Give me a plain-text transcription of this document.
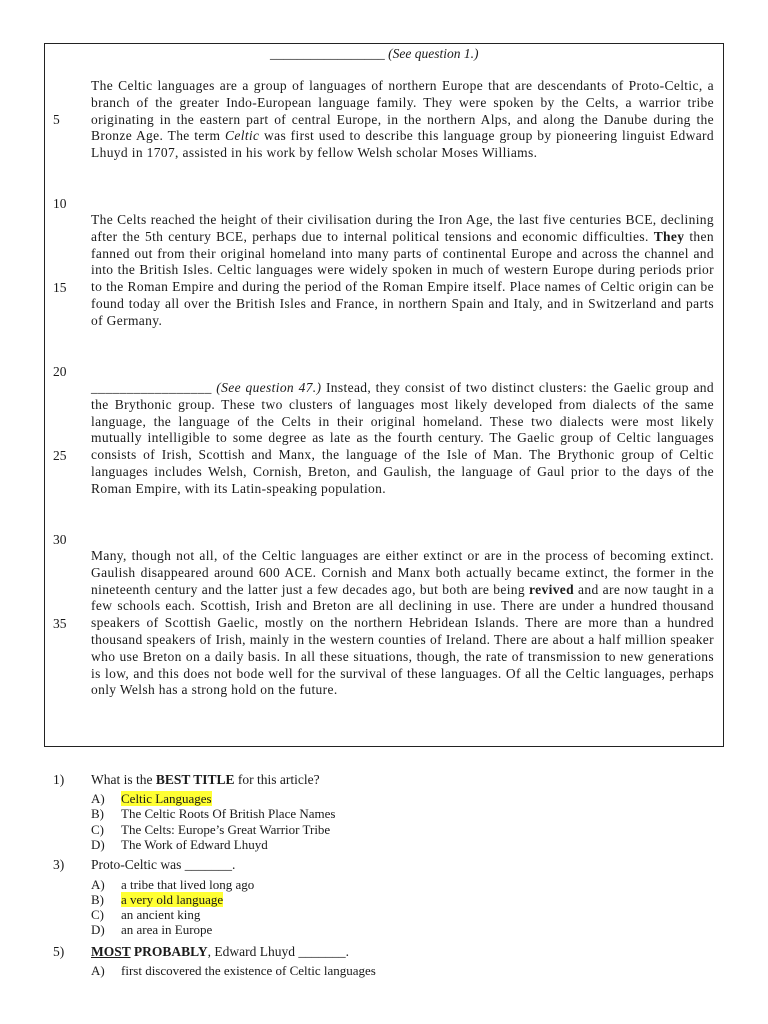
_________________ (See question 1.)
5
10
15
20
25
30
35
The Celtic languages are a group of languages of northern Europe that are descendants of Proto-Celtic, a branch of the greater Indo-European language family. They were spoken by the Celts, a warrior tribe originating in the eastern part of central Europe, in the northern Alps, and along the Danube during the Bronze Age. The term Celtic was first used to describe this language group by pioneering linguist Edward Lhuyd in 1707, assisted in his work by fellow Welsh scholar Moses Williams.
The Celts reached the height of their civilisation during the Iron Age, the last five centuries BCE, declining after the 5th century BCE, perhaps due to internal political tensions and economic difficulties. They then fanned out from their original homeland into many parts of continental Europe and across the channel and into the British Isles. Celtic languages were widely spoken in much of western Europe during periods prior to the Roman Empire and during the period of the Roman Empire itself. Place names of Celtic origin can be found today all over the British Isles and France, in northern Spain and Italy, and in Switzerland and parts of Germany.
_________________ (See question 47.) Instead, they consist of two distinct clusters: the Gaelic group and the Brythonic group. These two clusters of languages most likely developed from dialects of the same language, the language of the Celts in their original homeland. These two dialects were most likely mutually intelligible to some degree as late as the fourth century. The Gaelic group of Celtic languages consists of Irish, Scottish and Manx, the language of the Isle of Man. The Brythonic group of Celtic languages includes Welsh, Cornish, Breton, and Gaulish, the language of Gaul prior to the days of the Roman Empire, with its Latin-speaking population.
Many, though not all, of the Celtic languages are either extinct or are in the process of becoming extinct. Gaulish disappeared around 600 ACE. Cornish and Manx both actually became extinct, the former in the nineteenth century and the latter just a few decades ago, but both are being revived and are now taught in a few schools each. Scottish, Irish and Breton are all declining in use. There are under a hundred thousand speakers of Scottish Gaelic, mostly on the northern Hebridean Islands. There are more than a hundred thousand speakers of Irish, mainly in the western counties of Ireland. There are about a half million speaker who use Breton on a daily basis. In all these situations, though, the rate of transmission to new generations is low, and this does not bode well for the survival of these languages. Of all the Celtic languages, perhaps only Welsh has a strong hold on the future.
1) What is the BEST TITLE for this article?
A) Celtic Languages
B) The Celtic Roots Of British Place Names
C) The Celts: Europe’s Great Warrior Tribe
D) The Work of Edward Lhuyd
3) Proto-Celtic was _______.
A) a tribe that lived long ago
B) a very old language
C) an ancient king
D) an area in Europe
5) MOST PROBABLY, Edward Lhuyd _______.
A) first discovered the existence of Celtic languages
